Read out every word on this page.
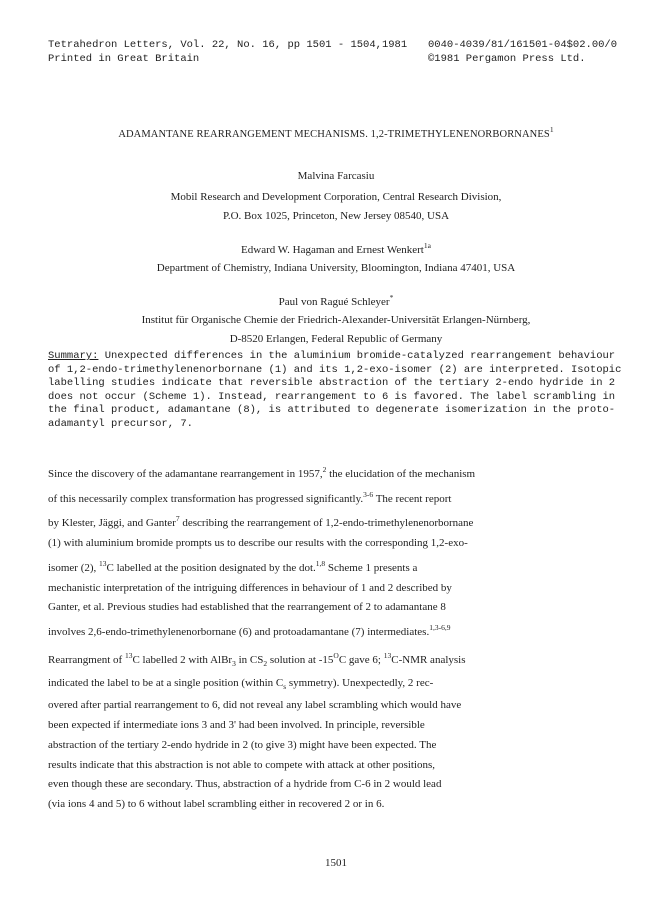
Tetrahedron Letters, Vol. 22, No. 16, pp 1501 - 1504,1981
Printed in Great Britain
0040-4039/81/161501-04$02.00/0
©1981 Pergamon Press Ltd.
ADAMANTANE REARRANGEMENT MECHANISMS. 1,2-TRIMETHYLENENORBORNANES$^1$
Malvina Farcasiu
Mobil Research and Development Corporation, Central Research Division,
P.O. Box 1025, Princeton, New Jersey 08540, USA
Edward W. Hagaman and Ernest Wenkert$^{1a}$
Department of Chemistry, Indiana University, Bloomington, Indiana 47401, USA
Paul von Ragué Schleyer*
Institut für Organische Chemie der Friedrich-Alexander-Universität Erlangen-Nürnberg,
D-8520 Erlangen, Federal Republic of Germany
Summary: Unexpected differences in the aluminium bromide-catalyzed rearrangement behaviour
of 1,2-endo-trimethylenenorbornane (1) and its 1,2-exo-isomer (2) are interpreted. Isotopic
labelling studies indicate that reversible abstraction of the tertiary 2-endo hydride in 2
does not occur (Scheme 1). Instead, rearrangement to 6 is favored. The label scrambling in
the final product, adamantane (8), is attributed to degenerate isomerization in the proto-
adamantyl precursor, 7.
Since the discovery of the adamantane rearrangement in 1957,$^2$ the elucidation of the mechanism
of this necessarily complex transformation has progressed significantly.$^{3-6}$ The recent report
by Klester, Jäggi, and Ganter$^7$ describing the rearrangement of 1,2-endo-trimethylenenorbornane
(1) with aluminium bromide prompts us to describe our results with the corresponding 1,2-exo-
isomer (2), $^{13}$C labelled at the position designated by the dot.$^{1,8}$ Scheme 1 presents a
mechanistic interpretation of the intriguing differences in behaviour of 1 and 2 described by
Ganter, et al. Previous studies had established that the rearrangement of 2 to adamantane 8
involves 2,6-endo-trimethylenenorbornane (6) and protoadamantane (7) intermediates.$^{1,3-6,9}$
Rearrangment of $^{13}$C labelled 2 with AlBr$_3$ in $CS_2$ solution at $-15^OC$ gave 6; $^{13}$C-NMR analysis
indicated the label to be at a single position (within $C_s$ symmetry). Unexpectedly, 2 rec-
overed after partial rearrangement to 6, did not reveal any label scrambling which would have
been expected if intermediate ions 3 and 3' had been involved. In principle, reversible
abstraction of the tertiary 2-endo hydride in 2 (to give 3) might have been expected. The
results indicate that this abstraction is not able to compete with attack at other positions,
even though these are secondary. Thus, abstraction of a hydride from C-6 in 2 would lead
(via ions 4 and 5) to 6 without label scrambling either in recovered 2 or in 6.
1501
